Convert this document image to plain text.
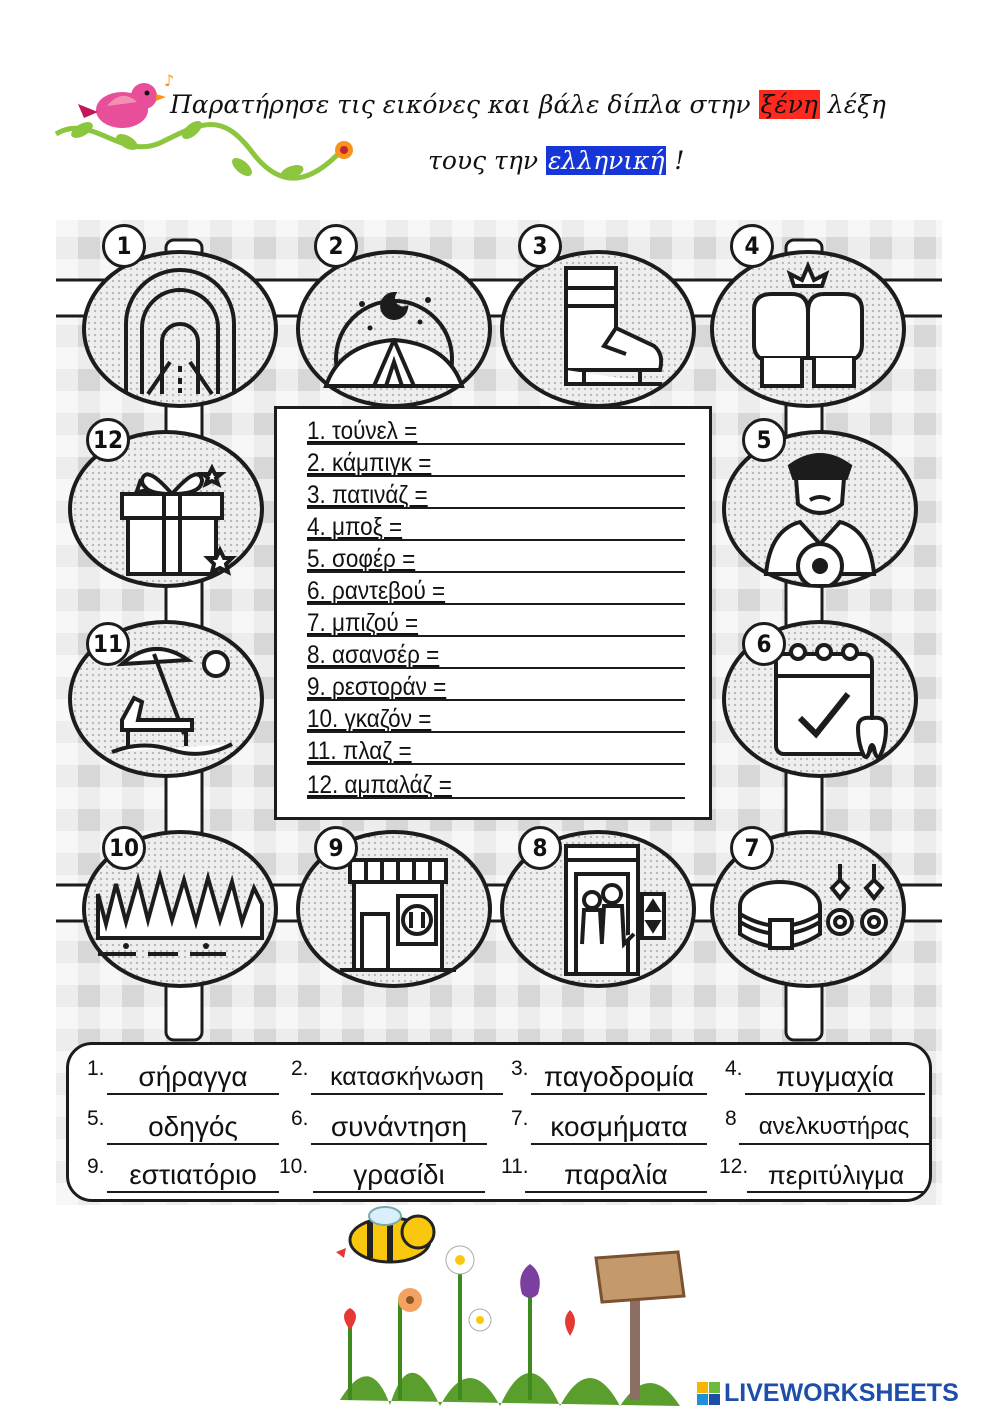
♪
Παρατήρησε τις εικόνες και βάλε δίπλα στην ξένη λέξη
τους την ελληνική !
1	2	3	4
12	5
11	6
10	9	8	7
1. τούνελ =
2. κάμπιγκ =
3. πατινάζ =
4. μποξ =
5. σοφέρ =
6. ραντεβού =
7. μπιζού =
8. ασανσέρ =
9. ρεστοράν =
10. γκαζόν =
11. πλαζ =
12. αμπαλάζ =
1.	σήραγγα	2. κατασκήνωση	3. παγοδρομία	4.	πυγμαχία
5.	οδηγός	6. συνάντηση	7. κοσμήματα	8 ανελκυστήρας
9. εστιατόριο	10.	γρασίδι	11.	παραλία	12. περιτύλιγμα
LIVEWORKSHEETS
